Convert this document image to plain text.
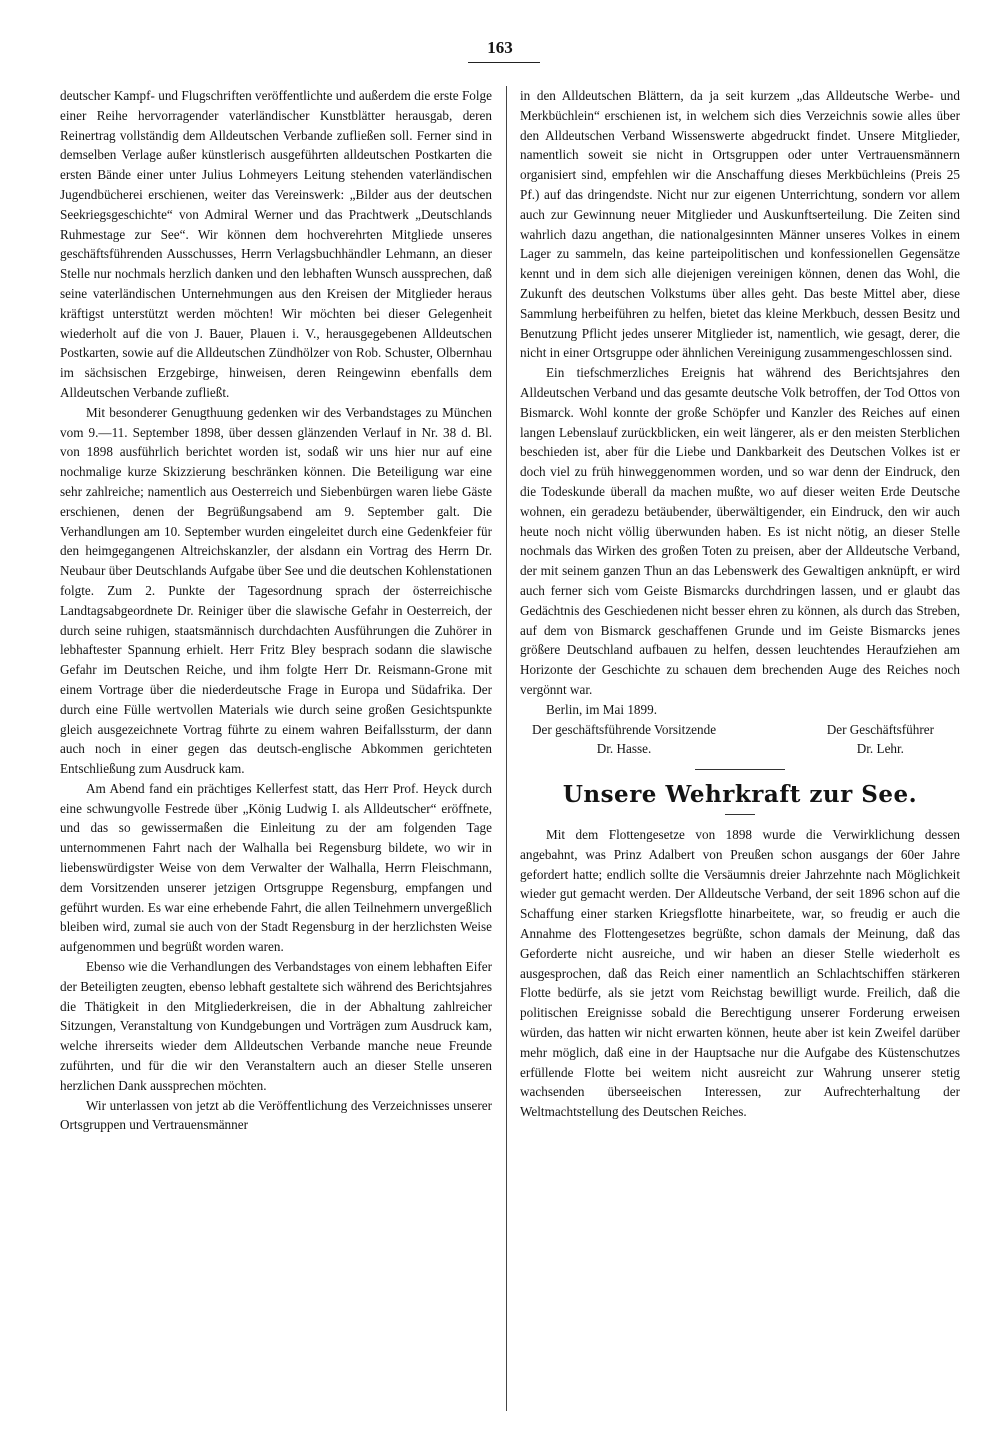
163

deutscher Kampf- und Flugschriften veröffentlichte und außerdem die erste Folge einer Reihe hervorragender vaterländischer Kunstblätter herausgab, deren Reinertrag vollständig dem Alldeutschen Verbande zufließen soll. Ferner sind in demselben Verlage außer künstlerisch ausgeführten alldeutschen Postkarten die ersten Bände einer unter Julius Lohmeyers Leitung stehenden vaterländischen Jugendbücherei erschienen, weiter das Vereinswerk: „Bilder aus der deutschen Seekriegsgeschichte“ von Admiral Werner und das Prachtwerk „Deutschlands Ruhmestage zur See“. Wir können dem hochverehrten Mitgliede unseres geschäftsführenden Ausschusses, Herrn Verlagsbuchhändler Lehmann, an dieser Stelle nur nochmals herzlich danken und den lebhaften Wunsch aussprechen, daß seine vaterländischen Unternehmungen aus den Kreisen der Mitglieder heraus kräftigst unterstützt werden möchten! Wir möchten bei dieser Gelegenheit wiederholt auf die von J. Bauer, Plauen i. V., herausgegebenen Alldeutschen Postkarten, sowie auf die Alldeutschen Zündhölzer von Rob. Schuster, Olbernhau im sächsischen Erzgebirge, hinweisen, deren Reingewinn ebenfalls dem Alldeutschen Verbande zufließt.

Mit besonderer Genugthuung gedenken wir des Verbandstages zu München vom 9.—11. September 1898, über dessen glänzenden Verlauf in Nr. 38 d. Bl. von 1898 ausführlich berichtet worden ist, sodaß wir uns hier nur auf eine nochmalige kurze Skizzierung beschränken können. Die Beteiligung war eine sehr zahlreiche; namentlich aus Oesterreich und Siebenbürgen waren liebe Gäste erschienen, denen der Begrüßungsabend am 9. September galt. Die Verhandlungen am 10. September wurden eingeleitet durch eine Gedenkfeier für den heimgegangenen Altreichskanzler, der alsdann ein Vortrag des Herrn Dr. Neubaur über Deutschlands Aufgabe über See und die deutschen Kohlenstationen folgte. Zum 2. Punkte der Tagesordnung sprach der österreichische Landtagsabgeordnete Dr. Reiniger über die slawische Gefahr in Oesterreich, der durch seine ruhigen, staatsmännisch durchdachten Ausführungen die Zuhörer in lebhaftester Spannung erhielt. Herr Fritz Bley besprach sodann die slawische Gefahr im Deutschen Reiche, und ihm folgte Herr Dr. Reismann-Grone mit einem Vortrage über die niederdeutsche Frage in Europa und Südafrika. Der durch eine Fülle wertvollen Materials wie durch seine großen Gesichtspunkte gleich ausgezeichnete Vortrag führte zu einem wahren Beifallssturm, der dann auch noch in einer gegen das deutsch-englische Abkommen gerichteten Entschließung zum Ausdruck kam.

Am Abend fand ein prächtiges Kellerfest statt, das Herr Prof. Heyck durch eine schwungvolle Festrede über „König Ludwig I. als Alldeutscher“ eröffnete, und das so gewissermaßen die Einleitung zu der am folgenden Tage unternommenen Fahrt nach der Walhalla bei Regensburg bildete, wo wir in liebenswürdigster Weise von dem Verwalter der Walhalla, Herrn Fleischmann, dem Vorsitzenden unserer jetzigen Ortsgruppe Regensburg, empfangen und geführt wurden. Es war eine erhebende Fahrt, die allen Teilnehmern unvergeßlich bleiben wird, zumal sie auch von der Stadt Regensburg in der herzlichsten Weise aufgenommen und begrüßt worden waren.

Ebenso wie die Verhandlungen des Verbandstages von einem lebhaften Eifer der Beteiligten zeugten, ebenso lebhaft gestaltete sich während des Berichtsjahres die Thätigkeit in den Mitgliederkreisen, die in der Abhaltung zahlreicher Sitzungen, Veranstaltung von Kundgebungen und Vorträgen zum Ausdruck kam, welche ihrerseits wieder dem Alldeutschen Verbande manche neue Freunde zuführten, und für die wir den Veranstaltern auch an dieser Stelle unseren herzlichen Dank aussprechen möchten.

Wir unterlassen von jetzt ab die Veröffentlichung des Verzeichnisses unserer Ortsgruppen und Vertrauensmänner

in den Alldeutschen Blättern, da ja seit kurzem „das Alldeutsche Werbe- und Merkbüchlein“ erschienen ist, in welchem sich dies Verzeichnis sowie alles über den Alldeutschen Verband Wissenswerte abgedruckt findet. Unsere Mitglieder, namentlich soweit sie nicht in Ortsgruppen oder unter Vertrauensmännern organisiert sind, empfehlen wir die Anschaffung dieses Merkbüchleins (Preis 25 Pf.) auf das dringendste. Nicht nur zur eigenen Unterrichtung, sondern vor allem auch zur Gewinnung neuer Mitglieder und Auskunftserteilung. Die Zeiten sind wahrlich dazu angethan, die nationalgesinnten Männer unseres Volkes in einem Lager zu sammeln, das keine parteipolitischen und konfessionellen Gegensätze kennt und in dem sich alle diejenigen vereinigen können, denen das Wohl, die Zukunft des deutschen Volkstums über alles geht. Das beste Mittel aber, diese Sammlung herbeiführen zu helfen, bietet das kleine Merkbuch, dessen Besitz und Benutzung Pflicht jedes unserer Mitglieder ist, namentlich, wie gesagt, derer, die nicht in einer Ortsgruppe oder ähnlichen Vereinigung zusammengeschlossen sind.

Ein tiefschmerzliches Ereignis hat während des Berichtsjahres den Alldeutschen Verband und das gesamte deutsche Volk betroffen, der Tod Ottos von Bismarck. Wohl konnte der große Schöpfer und Kanzler des Reiches auf einen langen Lebenslauf zurückblicken, ein weit längerer, als er den meisten Sterblichen beschieden ist, aber für die Liebe und Dankbarkeit des Deutschen Volkes ist er doch viel zu früh hinweggenommen worden, und so war denn der Eindruck, den die Todeskunde überall da machen mußte, wo auf dieser weiten Erde Deutsche wohnen, ein geradezu betäubender, überwältigender, ein Eindruck, den wir auch heute noch nicht völlig überwunden haben. Es ist nicht nötig, an dieser Stelle nochmals das Wirken des großen Toten zu preisen, aber der Alldeutsche Verband, der mit seinem ganzen Thun an das Lebenswerk des Gewaltigen anknüpft, er wird auch ferner sich vom Geiste Bismarcks durchdringen lassen, und er glaubt das Gedächtnis des Geschiedenen nicht besser ehren zu können, als durch das Streben, auf dem von Bismarck geschaffenen Grunde und im Geiste Bismarcks jenes größere Deutschland aufbauen zu helfen, dessen leuchtendes Heraufziehen am Horizonte der Geschichte zu schauen dem brechenden Auge des Reiches noch vergönnt war.

Berlin, im Mai 1899.

Der geschäftsführende Vorsitzende
Dr. Hasse.
Der Geschäftsführer
Dr. Lehr.
Unsere Wehrkraft zur See.

Mit dem Flottengesetze von 1898 wurde die Verwirklichung dessen angebahnt, was Prinz Adalbert von Preußen schon ausgangs der 60er Jahre gefordert hatte; endlich sollte die Versäumnis dreier Jahrzehnte nach Möglichkeit wieder gut gemacht werden. Der Alldeutsche Verband, der seit 1896 schon auf die Schaffung einer starken Kriegsflotte hinarbeitete, war, so freudig er auch die Annahme des Flottengesetzes begrüßte, schon damals der Meinung, daß das Geforderte nicht ausreiche, und wir haben an dieser Stelle wiederholt es ausgesprochen, daß das Reich einer namentlich an Schlachtschiffen stärkeren Flotte bedürfe, als sie jetzt vom Reichstag bewilligt wurde. Freilich, daß die politischen Ereignisse sobald die Berechtigung unserer Forderung erweisen würden, das hatten wir nicht erwarten können, heute aber ist kein Zweifel darüber mehr möglich, daß eine in der Hauptsache nur die Aufgabe des Küstenschutzes erfüllende Flotte bei weitem nicht ausreicht zur Wahrung unserer stetig wachsenden überseeischen Interessen, zur Aufrechterhaltung der Weltmachtstellung des Deutschen Reiches.
